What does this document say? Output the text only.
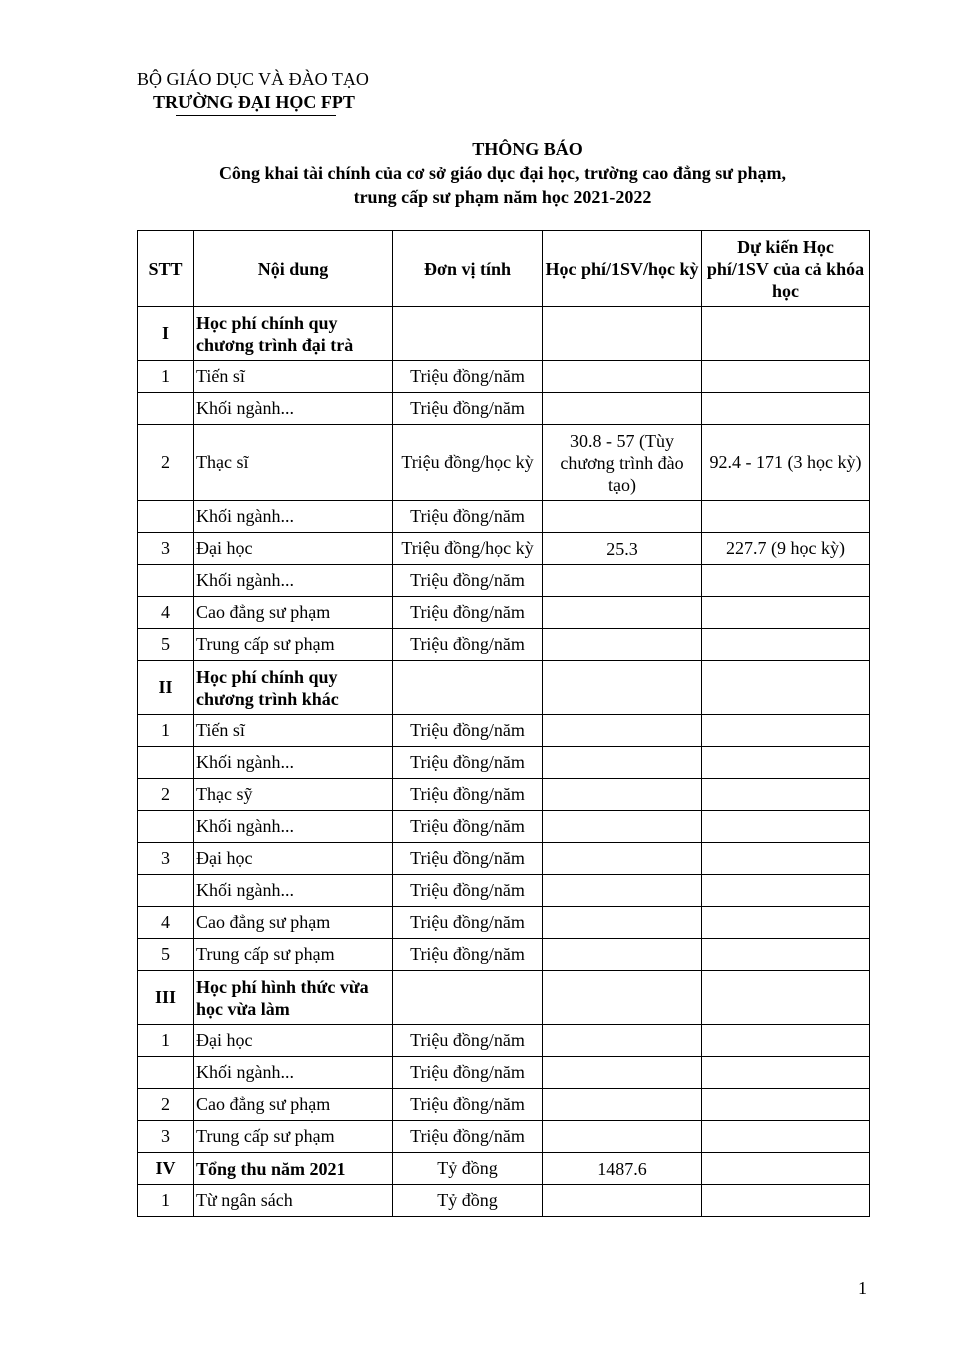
BỘ GIÁO DỤC VÀ ĐÀO TẠO
TRƯỜNG ĐẠI HỌC FPT
THÔNG BÁO
Công khai tài chính của cơ sở giáo dục đại học, trường cao đẳng sư phạm,
trung cấp sư phạm năm học 2021-2022
STT	Nội dung	Đơn vị tính	Học phí/1SV/học kỳ	Dự kiến Học phí/1SV của cả khóa học
I	Học phí chính quy chương trình đại trà			
1	Tiến sĩ	Triệu đồng/năm		
	Khối ngành...	Triệu đồng/năm		
2	Thạc sĩ	Triệu đồng/học kỳ	30.8 - 57 (Tùy chương trình đào tạo)	92.4 - 171 (3 học kỳ)
	Khối ngành...	Triệu đồng/năm		
3	Đại học	Triệu đồng/học kỳ	25.3	227.7 (9 học kỳ)
	Khối ngành...	Triệu đồng/năm		
4	Cao đẳng sư phạm	Triệu đồng/năm		
5	Trung cấp sư phạm	Triệu đồng/năm		
II	Học phí chính quy chương trình khác			
1	Tiến sĩ	Triệu đồng/năm		
	Khối ngành...	Triệu đồng/năm		
2	Thạc sỹ	Triệu đồng/năm		
	Khối ngành...	Triệu đồng/năm		
3	Đại học	Triệu đồng/năm		
	Khối ngành...	Triệu đồng/năm		
4	Cao đẳng sư phạm	Triệu đồng/năm		
5	Trung cấp sư phạm	Triệu đồng/năm		
III	Học phí hình thức vừa học vừa làm			
1	Đại học	Triệu đồng/năm		
	Khối ngành...	Triệu đồng/năm		
2	Cao đẳng sư phạm	Triệu đồng/năm		
3	Trung cấp sư phạm	Triệu đồng/năm		
IV	Tổng thu năm 2021	Tỷ đồng	1487.6	
1	Từ ngân sách	Tỷ đồng		
1
